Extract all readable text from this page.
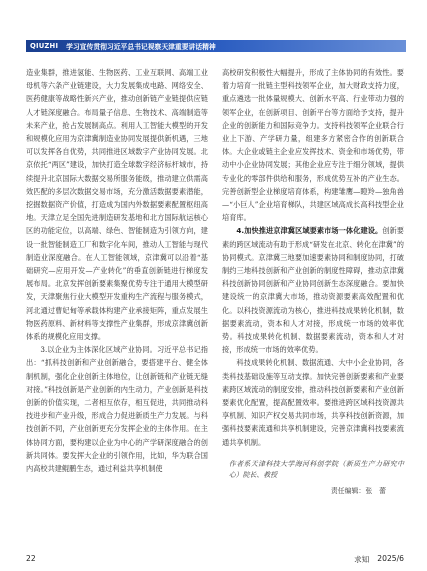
QIUZHI 学习宣传贯彻习近平总书记视察天津重要讲话精神

造业集群，推进氢能、生物医药、工业互联网、高端工业母机等六条产业链建设，大力发展集成电路、网络安全、医药健康等战略性新兴产业，推动创新链产业链提供应链人才链深度融合。布局量子信息、生物技术、高端制造等未来产业，抢占发展制高点。利用人工智能大模型的开发和规模化应用为京津冀制造业协同发展提供新机遇，三地可以发挥各自优势，共同推进区域数字产业协同发展。北京依托“两区”建设，加快打造全球数字经济标杆城市，持续提升北京国际大数据交易所服务能级，推动建立供需高效匹配的多层次数据交易市场，充分激活数据要素潜能，挖掘数据资产价值，打造成为国内外数据要素配置枢纽高地。天津立足全国先进制造研发基地和北方国际航运核心区的功能定位，以高端、绿色、智能制造为引领方向，建设一批智能制造工厂和数字化车间，推动人工智能与现代制造业深度融合。在人工智能领域，京津冀可以沿着“基础研究—应用开发—产业转化”的垂直创新链进行梯度发展布局。北京发挥创新要素集聚优势专注于通用大模型研发，天津聚焦行业大模型开发重构生产流程与服务模式，河北通过曹妃甸等承载体构建产业承接矩阵，重点发展生物医药原料、新材料等支撑性产业集群，形成京津冀创新体系的规模化应用支撑。

3.以企业为主体深化区域产业协同。习近平总书记指出：“抓科技创新和产业创新融合，要搭建平台、健全体制机制，强化企业创新主体地位，让创新链和产业链无缝对接。”科技创新是产业创新的内生动力，产业创新是科技创新的价值实现，二者相互依存，相互促进，共同推动科技进步和产业升级，形成合力促进新质生产力发展。与科技创新不同，产业创新更充分发挥企业的主体作用。在主体协同方面，要构建以企业为中心的产学研深度融合的创新共同体。要发挥大企业的引领作用，比如，华为联合国内高校共建鲲鹏生态，通过利益共享机制使

高校研发积极性大幅提升，形成了主体协同的有效性。要着力培育一批链主型科技领军企业，加大财政支持力度，重点遴选一批体量规模大、创新水平高、行业带动力强的领军企业，在创新项目、创新平台等方面给予支持，提升企业的创新能力和国际竞争力。支持科技领军企业联合行业上下游、产学研力量，组建多方紧密合作的创新联合体。大企业或链主企业应发挥技术、资金和市场优势，带动中小企业协同发展；其他企业应专注于细分领域，提供专业化的零部件供给和服务，形成优势互补的产业生态。完善创新型企业梯度培育体系，构建雏鹰—瞪羚—独角兽—“小巨人”企业培育梯队，共建区域高成长高科技型企业培育库。

4.加快推进京津冀区域要素市场一体化建设。创新要素的跨区域流动有助于形成“研发在北京、转化在津冀”的协同模式。京津冀三地要加速要素协同和制度协同，打破制约三地科技创新和产业创新的制度性障碍，推动京津冀科技创新协同创新和产业协同创新生态深度融合。要加快建设统一的京津冀大市场，推动资源要素高效配置和优化。以科技资源流动为核心，推进科技成果转化机制，数据要素流动，资本和人才对接，形成统一市场的效率优势。科技成果转化机制、数据要素流动，资本和人才对接，形成统一市场的效率优势。

科技成果转化机制、数据流通、大中小企业协同，各类科技基础设施等互动支撑。加快完善创新要素和产业要素跨区域流动的制度安排，推动科技创新要素和产业创新要素优化配置，提高配置效率。要推进跨区域科技资源共享机制、知识产权交易共同市场，共享科技创新资源，加强科技要素流通和共享机制建设，完善京津冀科技要素流通共享机制。

作者系天津科技大学海河科创学院（新质生产力研究中心）院长、教授
责任编辑：张　蕾
22	求知 2025/6
